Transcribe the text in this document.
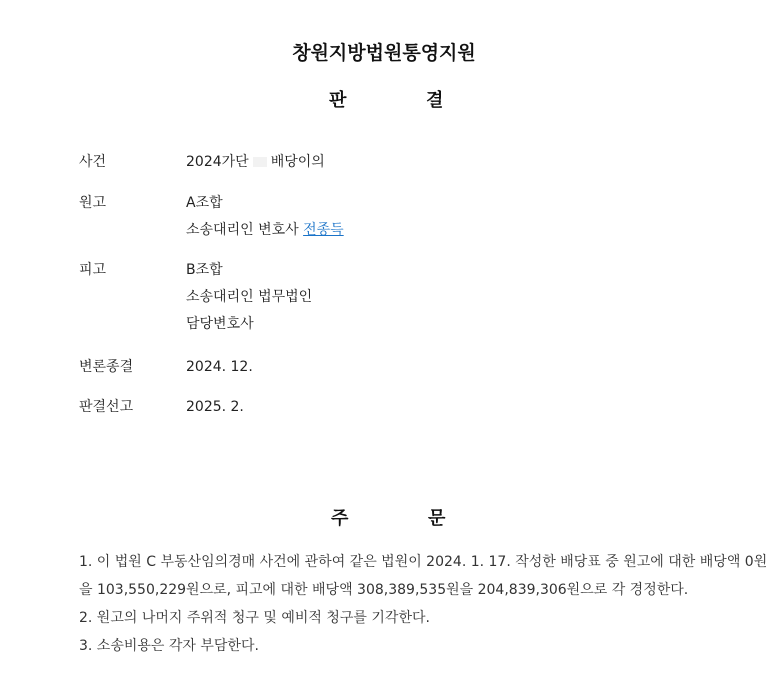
창원지방법원통영지원
판	결
사건	2024가단 배당이의
원고	A조합
소송대리인 변호사 전종득
피고	B조합
소송대리인 법무법인
담당변호사
변론종결	2024. 12.
판결선고	2025. 2.
주	문
1. 이 법원 C 부동산임의경매 사건에 관하여 같은 법원이 2024. 1. 17. 작성한 배당표 중 원고에 대한 배당액 0원
을 103,550,229원으로, 피고에 대한 배당액 308,389,535원을 204,839,306원으로 각 경정한다.
2. 원고의 나머지 주위적 청구 및 예비적 청구를 기각한다.
3. 소송비용은 각자 부담한다.
